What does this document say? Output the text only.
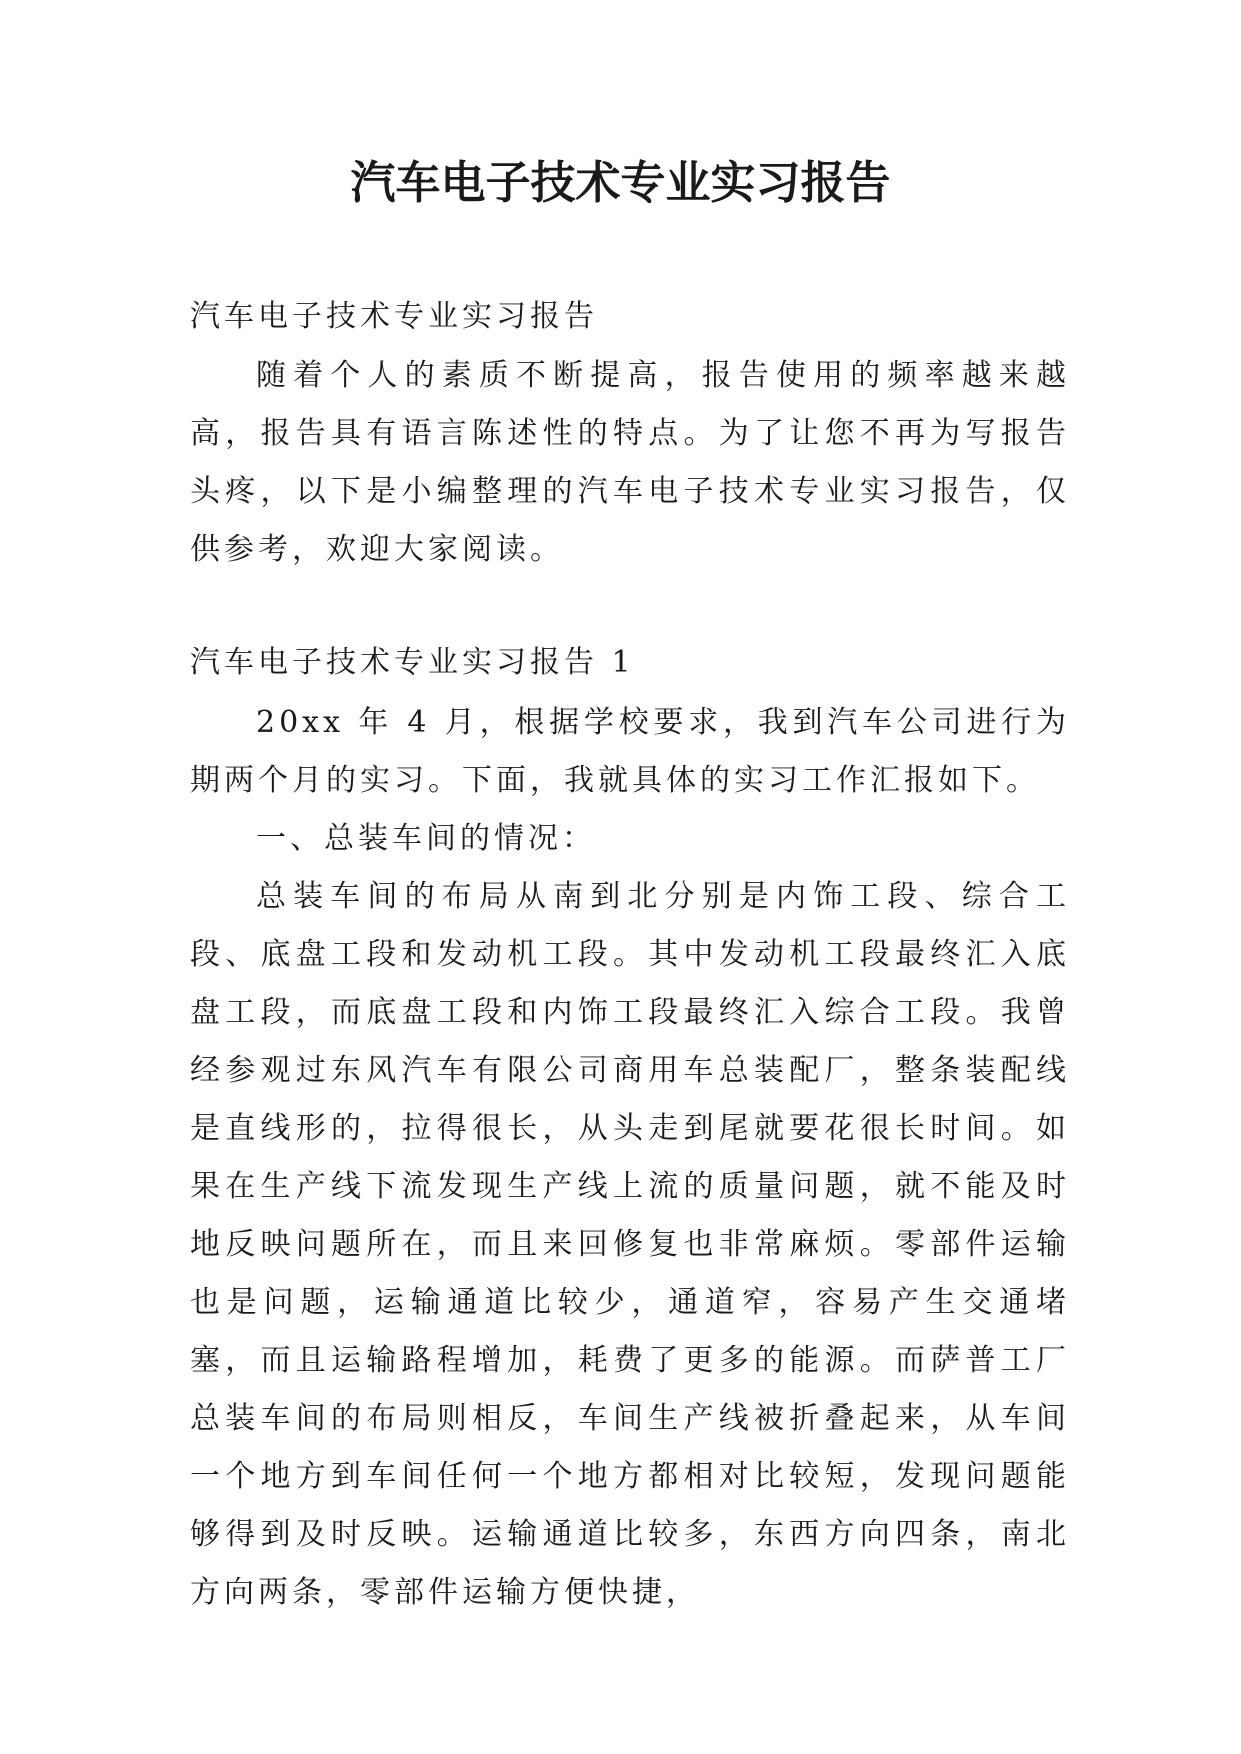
汽车电子技术专业实习报告
汽车电子技术专业实习报告

随着个人的素质不断提高，报告使用的频率越来越高，报告具有语言陈述性的特点。为了让您不再为写报告头疼，以下是小编整理的汽车电子技术专业实习报告，仅供参考，欢迎大家阅读。

汽车电子技术专业实习报告 1

20xx 年 4 月，根据学校要求，我到汽车公司进行为期两个月的实习。下面，我就具体的实习工作汇报如下。

一、总装车间的情况：

总装车间的布局从南到北分别是内饰工段、综合工段、底盘工段和发动机工段。其中发动机工段最终汇入底盘工段，而底盘工段和内饰工段最终汇入综合工段。我曾经参观过东风汽车有限公司商用车总装配厂，整条装配线是直线形的，拉得很长，从头走到尾就要花很长时间。如果在生产线下流发现生产线上流的质量问题，就不能及时地反映问题所在，而且来回修复也非常麻烦。零部件运输也是问题，运输通道比较少，通道窄，容易产生交通堵塞，而且运输路程增加，耗费了更多的能源。而萨普工厂总装车间的布局则相反，车间生产线被折叠起来，从车间一个地方到车间任何一个地方都相对比较短，发现问题能够得到及时反映。运输通道比较多，东西方向四条，南北方向两条，零部件运输方便快捷，
